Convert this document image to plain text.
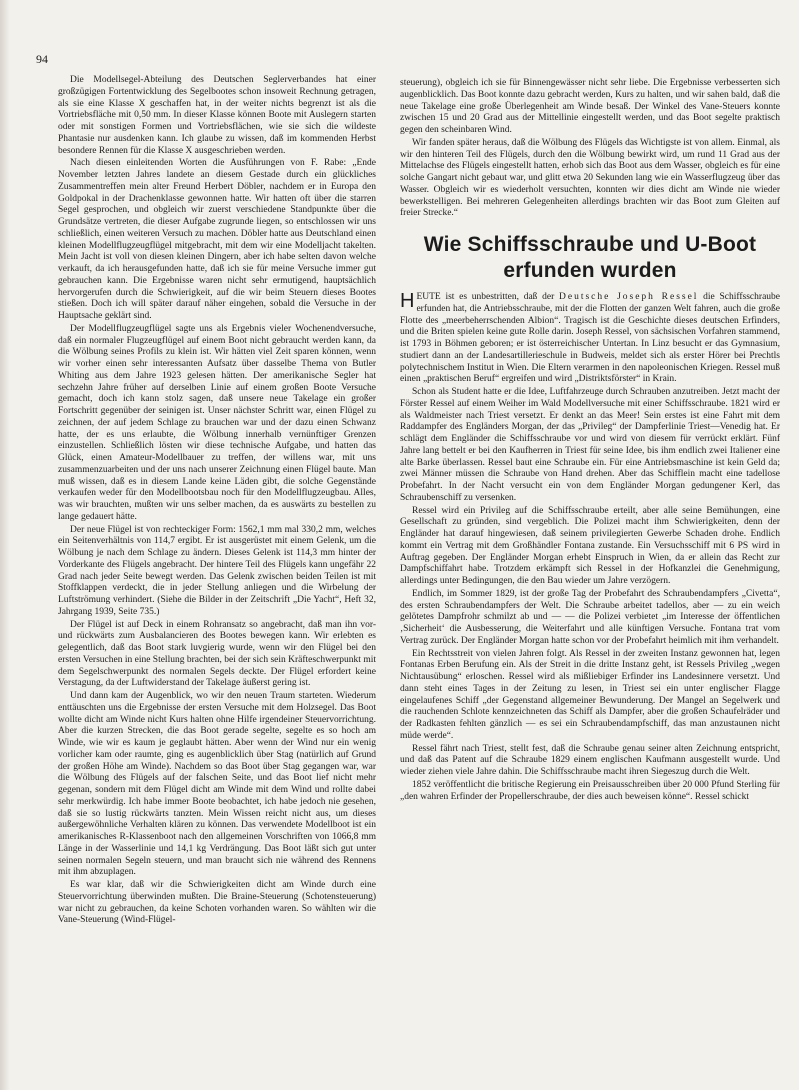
94

Die Modellsegel-Abteilung des Deutschen Seglerverbandes hat einer großzügigen Fortentwicklung des Segelbootes schon insoweit Rechnung getragen, als sie eine Klasse X geschaffen hat, in der weiter nichts begrenzt ist als die Vortriebsfläche mit 0,50 mm. In dieser Klasse können Boote mit Auslegern starten oder mit sonstigen Formen und Vortriebsflächen, wie sie sich die wildeste Phantasie nur ausdenken kann. Ich glaube zu wissen, daß im kommenden Herbst besondere Rennen für die Klasse X ausgeschrieben werden.

Nach diesen einleitenden Worten die Ausführungen von F. Rabe: „Ende November letzten Jahres landete an diesem Gestade durch ein glückliches Zusammentreffen mein alter Freund Herbert Döbler, nachdem er in Europa den Goldpokal in der Drachenklasse gewonnen hatte. Wir hatten oft über die starren Segel gesprochen, und obgleich wir zuerst verschiedene Standpunkte über die Grundsätze vertreten, die dieser Aufgabe zugrunde liegen, so entschlossen wir uns schließlich, einen weiteren Versuch zu machen. Döbler hatte aus Deutschland einen kleinen Modellflugzeugflügel mitgebracht, mit dem wir eine Modelljacht takelten. Mein Jacht ist voll von diesen kleinen Dingern, aber ich habe selten davon welche verkauft, da ich herausgefunden hatte, daß ich sie für meine Versuche immer gut gebrauchen kann. Die Ergebnisse waren nicht sehr ermutigend, hauptsächlich hervorgerufen durch die Schwierigkeit, auf die wir beim Steuern dieses Bootes stießen. Doch ich will später darauf näher eingehen, sobald die Versuche in der Hauptsache geklärt sind.

Der Modellflugzeugflügel sagte uns als Ergebnis vieler Wochenendversuche, daß ein normaler Flugzeugflügel auf einem Boot nicht gebraucht werden kann, da die Wölbung seines Profils zu klein ist. Wir hätten viel Zeit sparen können, wenn wir vorher einen sehr interessanten Aufsatz über dasselbe Thema von Butler Whiting aus dem Jahre 1923 gelesen hätten. Der amerikanische Segler hat sechzehn Jahre früher auf derselben Linie auf einem großen Boote Versuche gemacht, doch ich kann stolz sagen, daß unsere neue Takelage ein großer Fortschritt gegenüber der seinigen ist. Unser nächster Schritt war, einen Flügel zu zeichnen, der auf jedem Schlage zu brauchen war und der dazu einen Schwanz hatte, der es uns erlaubte, die Wölbung innerhalb vernünftiger Grenzen einzustellen. Schließlich lösten wir diese technische Aufgabe, und hatten das Glück, einen Amateur-Modellbauer zu treffen, der willens war, mit uns zusammenzuarbeiten und der uns nach unserer Zeichnung einen Flügel baute. Man muß wissen, daß es in diesem Lande keine Läden gibt, die solche Gegenstände verkaufen weder für den Modellbootsbau noch für den Modellflugzeugbau. Alles, was wir brauchten, mußten wir uns selber machen, da es auswärts zu bestellen zu lange gedauert hätte.

Der neue Flügel ist von rechteckiger Form: 1562,1 mm mal 330,2 mm, welches ein Seitenverhältnis von 114,7 ergibt. Er ist ausgerüstet mit einem Gelenk, um die Wölbung je nach dem Schlage zu ändern. Dieses Gelenk ist 114,3 mm hinter der Vorderkante des Flügels angebracht. Der hintere Teil des Flügels kann ungefähr 22 Grad nach jeder Seite bewegt werden. Das Gelenk zwischen beiden Teilen ist mit Stoffklappen verdeckt, die in jeder Stellung anliegen und die Wirbelung der Luftströmung verhindert. (Siehe die Bilder in der Zeitschrift „Die Yacht“, Heft 32, Jahrgang 1939, Seite 735.)

Der Flügel ist auf Deck in einem Rohransatz so angebracht, daß man ihn vor- und rückwärts zum Ausbalancieren des Bootes bewegen kann. Wir erlebten es gelegentlich, daß das Boot stark luvgierig wurde, wenn wir den Flügel bei den ersten Versuchen in eine Stellung brachten, bei der sich sein Kräfteschwerpunkt mit dem Segelschwerpunkt des normalen Segels deckte. Der Flügel erfordert keine Verstagung, da der Luftwiderstand der Takelage äußerst gering ist.

Und dann kam der Augenblick, wo wir den neuen Traum starteten. Wiederum enttäuschten uns die Ergebnisse der ersten Versuche mit dem Holzsegel. Das Boot wollte dicht am Winde nicht Kurs halten ohne Hilfe irgendeiner Steuervorrichtung. Aber die kurzen Strecken, die das Boot gerade segelte, segelte es so hoch am Winde, wie wir es kaum je geglaubt hätten. Aber wenn der Wind nur ein wenig vorlicher kam oder raumte, ging es augenblicklich über Stag (natürlich auf Grund der großen Höhe am Winde). Nachdem so das Boot über Stag gegangen war, war die Wölbung des Flügels auf der falschen Seite, und das Boot lief nicht mehr gegenan, sondern mit dem Flügel dicht am Winde mit dem Wind und rollte dabei sehr merkwürdig. Ich habe immer Boote beobachtet, ich habe jedoch nie gesehen, daß sie so lustig rückwärts tanzten. Mein Wissen reicht nicht aus, um dieses außergewöhnliche Verhalten klären zu können. Das verwendete Modellboot ist ein amerikanisches R-Klassenboot nach den allgemeinen Vorschriften von 1066,8 mm Länge in der Wasserlinie und 14,1 kg Verdrängung. Das Boot läßt sich gut unter seinen normalen Segeln steuern, und man braucht sich nie während des Rennens mit ihm abzuplagen.

Es war klar, daß wir die Schwierigkeiten dicht am Winde durch eine Steuervorrichtung überwinden mußten. Die Braine-Steuerung (Schotensteuerung) war nicht zu gebrauchen, da keine Schoten vorhanden waren. So wählten wir die Vane-Steuerung (Wind-Flügel-

steuerung), obgleich ich sie für Binnengewässer nicht sehr liebe. Die Ergebnisse verbesserten sich augenblicklich. Das Boot konnte dazu gebracht werden, Kurs zu halten, und wir sahen bald, daß die neue Takelage eine große Überlegenheit am Winde besaß. Der Winkel des Vane-Steuers konnte zwischen 15 und 20 Grad aus der Mittellinie eingestellt werden, und das Boot segelte praktisch gegen den scheinbaren Wind.

Wir fanden später heraus, daß die Wölbung des Flügels das Wichtigste ist von allem. Einmal, als wir den hinteren Teil des Flügels, durch den die Wölbung bewirkt wird, um rund 11 Grad aus der Mittelachse des Flügels eingestellt hatten, erhob sich das Boot aus dem Wasser, obgleich es für eine solche Gangart nicht gebaut war, und glitt etwa 20 Sekunden lang wie ein Wasserflugzeug über das Wasser. Obgleich wir es wiederholt versuchten, konnten wir dies dicht am Winde nie wieder bewerkstelligen. Bei mehreren Gelegenheiten allerdings brachten wir das Boot zum Gleiten auf freier Strecke.“

Wie Schiffsschraube und U-Boot erfunden wurden

HEUTE ist es unbestritten, daß der Deutsche Joseph Ressel die Schiffsschraube erfunden hat, die Antriebsschraube, mit der die Flotten der ganzen Welt fahren, auch die große Flotte des „meerbeherrschenden Albion“. Tragisch ist die Geschichte dieses deutschen Erfinders, und die Briten spielen keine gute Rolle darin. Joseph Ressel, von sächsischen Vorfahren stammend, ist 1793 in Böhmen geboren; er ist österreichischer Untertan. In Linz besucht er das Gymnasium, studiert dann an der Landesartillerieschule in Budweis, meldet sich als erster Hörer bei Prechtls polytechnischem Institut in Wien. Die Eltern verarmen in den napoleonischen Kriegen. Ressel muß einen „praktischen Beruf“ ergreifen und wird „Distriktsförster“ in Krain.

Schon als Student hatte er die Idee, Luftfahrzeuge durch Schrauben anzutreiben. Jetzt macht der Förster Ressel auf einem Weiher im Wald Modellversuche mit einer Schiffsschraube. 1821 wird er als Waldmeister nach Triest versetzt. Er denkt an das Meer! Sein erstes ist eine Fahrt mit dem Raddampfer des Engländers Morgan, der das „Privileg“ der Dampferlinie Triest—Venedig hat. Er schlägt dem Engländer die Schiffsschraube vor und wird von diesem für verrückt erklärt. Fünf Jahre lang bettelt er bei den Kaufherren in Triest für seine Idee, bis ihm endlich zwei Italiener eine alte Barke überlassen. Ressel baut eine Schraube ein. Für eine Antriebsmaschine ist kein Geld da; zwei Männer müssen die Schraube von Hand drehen. Aber das Schifflein macht eine tadellose Probefahrt. In der Nacht versucht ein von dem Engländer Morgan gedungener Kerl, das Schraubenschiff zu versenken.

Ressel wird ein Privileg auf die Schiffsschraube erteilt, aber alle seine Bemühungen, eine Gesellschaft zu gründen, sind vergeblich. Die Polizei macht ihm Schwierigkeiten, denn der Engländer hat darauf hingewiesen, daß seinem privilegierten Gewerbe Schaden drohe. Endlich kommt ein Vertrag mit dem Großhändler Fontana zustande. Ein Versuchsschiff mit 6 PS wird in Auftrag gegeben. Der Engländer Morgan erhebt Einspruch in Wien, da er allein das Recht zur Dampfschiffahrt habe. Trotzdem erkämpft sich Ressel in der Hofkanzlei die Genehmigung, allerdings unter Bedingungen, die den Bau wieder um Jahre verzögern.

Endlich, im Sommer 1829, ist der große Tag der Probefahrt des Schraubendampfers „Civetta“, des ersten Schraubendampfers der Welt. Die Schraube arbeitet tadellos, aber — zu ein weich gelötetes Dampfrohr schmilzt ab und — — die Polizei verbietet „im Interesse der öffentlichen ‚Sicherheit‘ die Ausbesserung, die Weiterfahrt und alle künftigen Versuche. Fontana trat vom Vertrag zurück. Der Engländer Morgan hatte schon vor der Probefahrt heimlich mit ihm verhandelt.

Ein Rechtsstreit von vielen Jahren folgt. Als Ressel in der zweiten Instanz gewonnen hat, legen Fontanas Erben Berufung ein. Als der Streit in die dritte Instanz geht, ist Ressels Privileg „wegen Nichtausübung“ erloschen. Ressel wird als mißliebiger Erfinder ins Landesinnere versetzt. Und dann steht eines Tages in der Zeitung zu lesen, in Triest sei ein unter englischer Flagge eingelaufenes Schiff „der Gegenstand allgemeiner Bewunderung. Der Mangel an Segelwerk und die rauchenden Schlote kennzeichneten das Schiff als Dampfer, aber die großen Schaufelräder und der Radkasten fehlten gänzlich — es sei ein Schraubendampfschiff, das man anzustaunen nicht müde werde“.

Ressel fährt nach Triest, stellt fest, daß die Schraube genau seiner alten Zeichnung entspricht, und daß das Patent auf die Schraube 1829 einem englischen Kaufmann ausgestellt wurde. Und wieder ziehen viele Jahre dahin. Die Schiffsschraube macht ihren Siegeszug durch die Welt.

1852 veröffentlicht die britische Regierung ein Preisausschreiben über 20 000 Pfund Sterling für „den wahren Erfinder der Propellerschraube, der dies auch beweisen könne“. Ressel schickt
